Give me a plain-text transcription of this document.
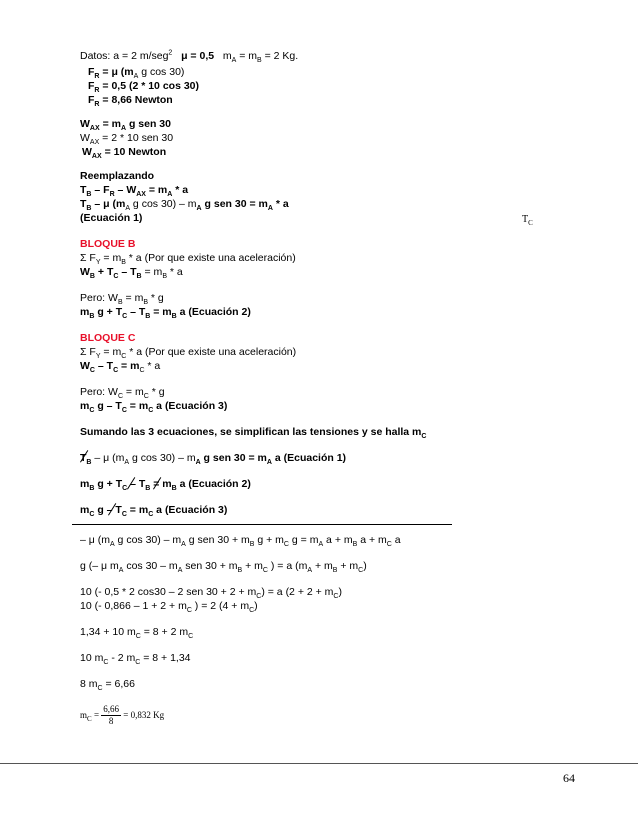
Datos: a = 2 m/seg$^2$ μ = 0,5 $m_A = m_B = 2$ Kg.
$F_R = \mu$ ($m_A$ g cos 30)
$F_R = 0,5$ (2 * 10 cos 30)
$F_R = 8,66$ Newton
$W_{AX} = m_A$ g sen 30
$W_{AX} = 2 * 10$ sen 30
$W_{AX} = 10$ Newton
Reemplazando
$T_B - F_R - W_{AX} = m_A * a$
$T_B$ – μ ($m_A$ g $\cos 30) - m_A$ g sen $30 = m_A * a$
(Ecuación 1)	$T_C$
BLOQUE B
Σ $F_Y = m_B * a$ (Por que existe una aceleración)
$W_B + T_C - T_B = m_B * a$
Pero: $W_B = m_B * g$
$m_B$ $g + T_C - T_B = m_B$ a (Ecuación 2)
BLOQUE C
Σ $F_Y = m_C * a$ (Por que existe una aceleración)
$W_C - T_C = m_C * a$
Pero: $W_C = m_C * g$
$m_C$ $g - T_C = m_C$ a (Ecuación 3)
Sumando las 3 ecuaciones, se simplifican las tensiones y se halla $m_C$
$T_B$ – μ ($m_A$ g $\cos 30) - m_A$ g sen $30 = m_A$ a (Ecuación 1)
$m_B$ $g + T_C - T_B = m_B$ a (Ecuación 2)
$m_C$ $g - T_C = m_C$ a (Ecuación 3)
– μ ($m_A$ g $\cos 30) - m_A$ g sen $30 + m_B$ $g + m_C$ $g = m_A$ $a + m_B$ $a + m_C$ a
g (– μ $m_A$ $\cos 30 - m_A$ sen $30 + m_B + m_C$ ) = a $(m_A + m_B + m_C)$
10 (- 0,5 * 2 cos30 – 2 sen $30 + 2 + m_C) = a$ $(2 + 2 + m_C)$
10 (- $0,866 - 1 + 2 + m_C$ ) = 2 $(4 + m_C)$
1,34 + 10 $m_C = 8 + 2$ $m_C$
10 $m_C - 2$ $m_C = 8 + 1,34$
8 $m_C = 6,66$
$m_C = \frac{6,66}{8} = 0,832$ Kg
64
